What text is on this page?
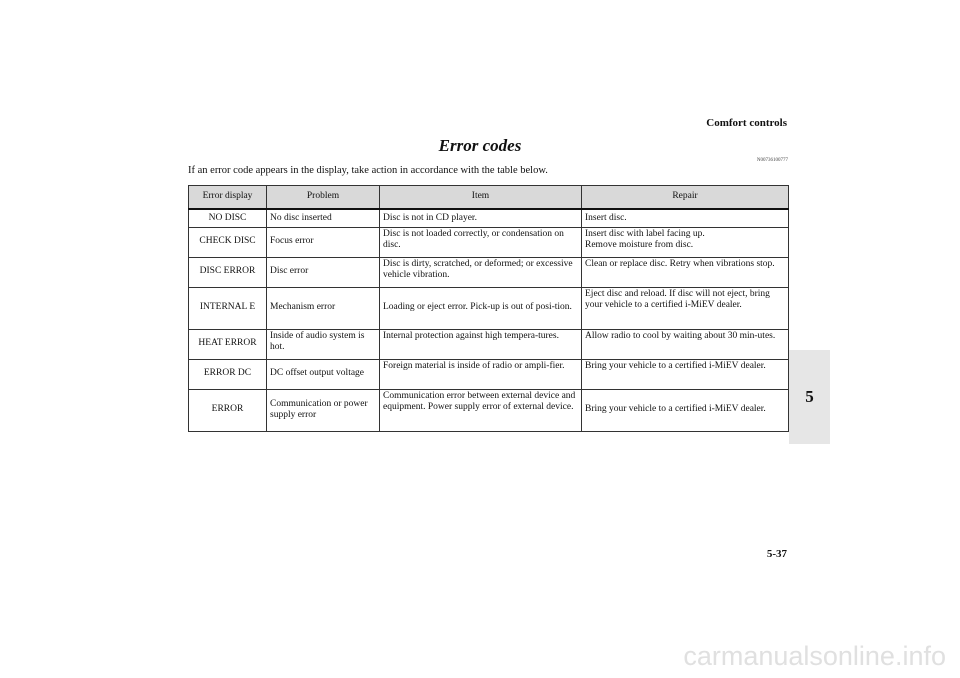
Comfort controls
5
Error codes
N00736100777
If an error code appears in the display, take action in accordance with the table below.
Error display	Problem	Item	Repair
NO DISC	No disc inserted	Disc is not in CD player.	Insert disc.
CHECK DISC	Focus error	Disc is not loaded correctly, or condensation on disc.	Insert disc with label facing up.
Remove moisture from disc.
DISC ERROR	Disc error	Disc is dirty, scratched, or deformed; or excessive vehicle vibration.	Clean or replace disc. Retry when vibrations stop.
INTERNAL E	Mechanism error	Loading or eject error. Pick-up is out of posi-tion.	Eject disc and reload. If disc will not eject, bring your vehicle to a certified i-MiEV dealer.
HEAT ERROR	Inside of audio system is hot.	Internal protection against high tempera-tures.	Allow radio to cool by waiting about 30 min-utes.
ERROR DC	DC offset output voltage	Foreign material is inside of radio or ampli-fier.	Bring your vehicle to a certified i-MiEV dealer.
ERROR	Communication or power supply error	Communication error between external device and equipment. Power supply error of external device.	Bring your vehicle to a certified i-MiEV dealer.
5-37
carmanualsonline.info
